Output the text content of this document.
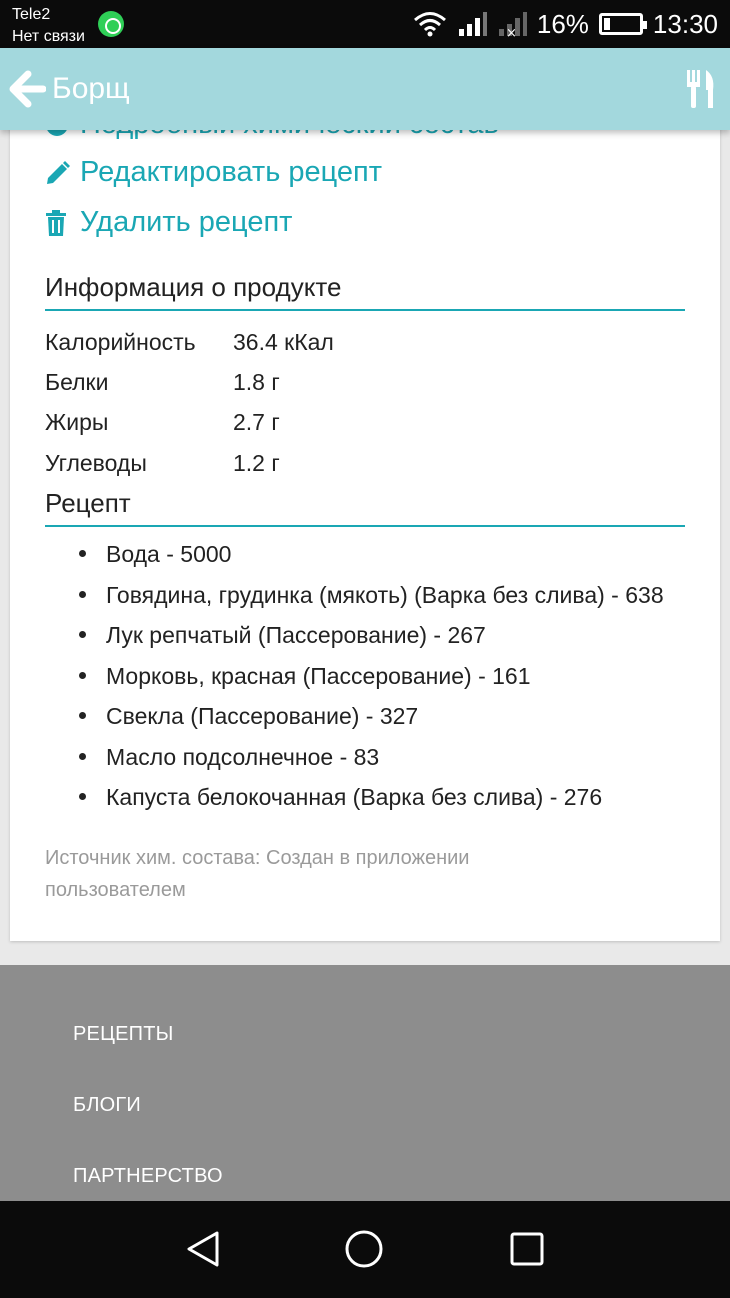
Tele2
Нет связи	× 16% 13:30
Борщ
Редактировать рецепт
Удалить рецепт
Информация о продукте
Калорийность	36.4 кКал
Белки	1.8 г
Жиры	2.7 г
Углеводы	1.2 г
Рецепт
Вода - 5000
Говядина, грудинка (мякоть) (Варка без слива) - 638
Лук репчатый (Пассерование) - 267
Морковь, красная (Пассерование) - 161
Свекла (Пассерование) - 327
Масло подсолнечное - 83
Капуста белокочанная (Варка без слива) - 276
Источник хим. состава: Создан в приложении пользователем
РЕЦЕПТЫ
БЛОГИ
ПАРТНЕРСТВО
